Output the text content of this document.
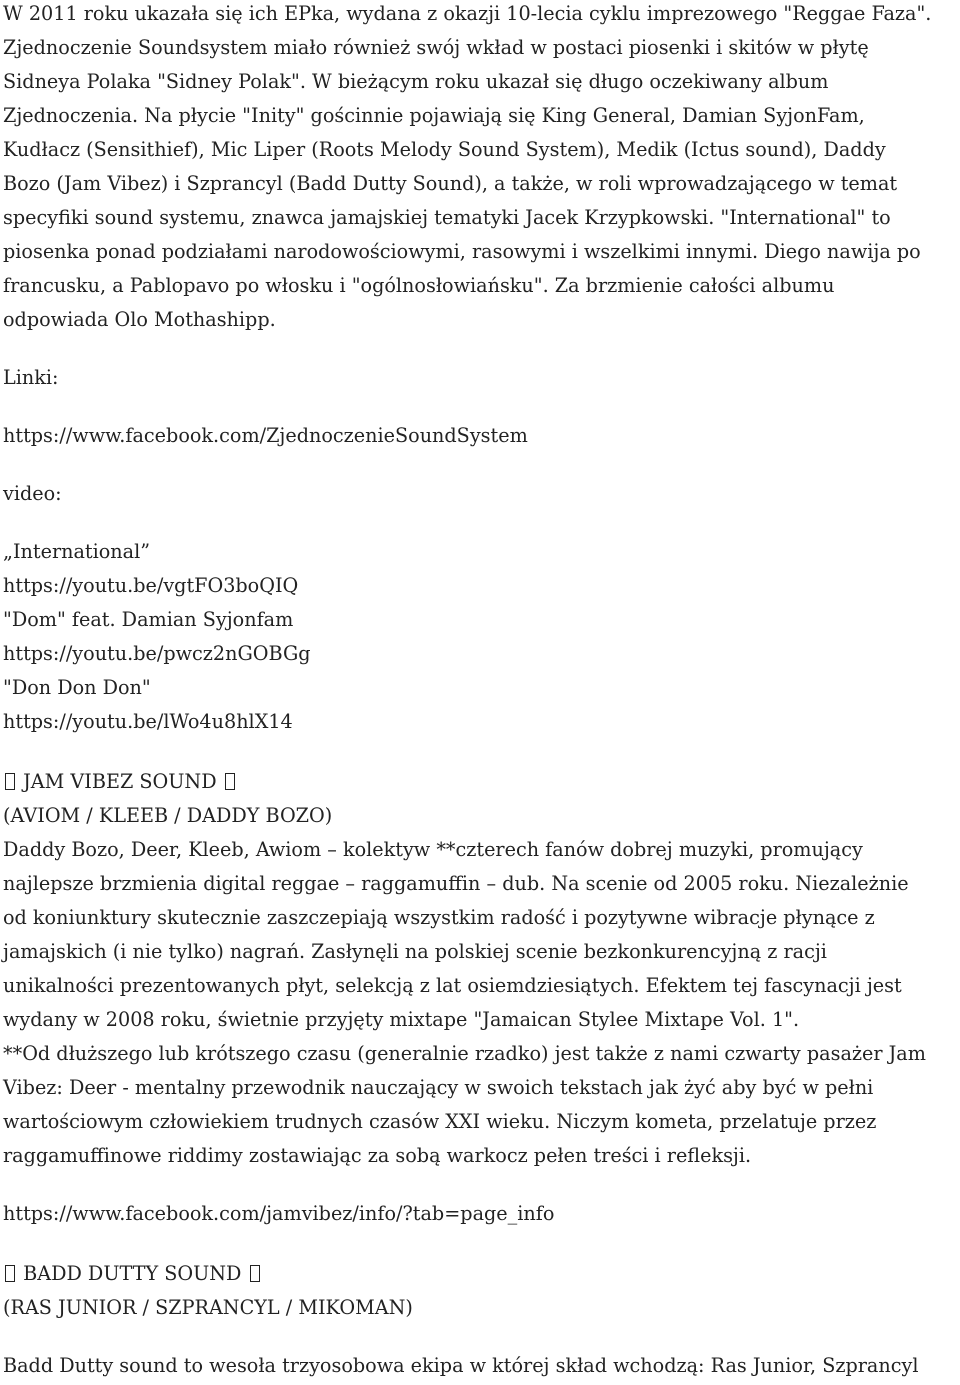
W 2011 roku ukazała się ich EPka, wydana z okazji 10-lecia cyklu imprezowego "Reggae Faza".
Zjednoczenie Soundsystem miało również swój wkład w postaci piosenki i skitów w płytę
Sidneya Polaka "Sidney Polak". W bieżącym roku ukazał się długo oczekiwany album
Zjednoczenia. Na płycie "Inity" gościnnie pojawiają się King General, Damian SyjonFam,
Kudłacz (Sensithief), Mic Liper (Roots Melody Sound System), Medik (Ictus sound), Daddy
Bozo (Jam Vibez) i Szprancyl (Badd Dutty Sound), a także, w roli wprowadzającego w temat
specyfiki sound systemu, znawca jamajskiej tematyki Jacek Krzypkowski. "International" to
piosenka ponad podziałami narodowościowymi, rasowymi i wszelkimi innymi. Diego nawija po
francusku, a Pablopavo po włosku i "ogólnosłowiańsku". Za brzmienie całości albumu
odpowiada Olo Mothashipp.
Linki:
https://www.facebook.com/ZjednoczenieSoundSystem
video:
„International”
https://youtu.be/vgtFO3boQIQ
"Dom" feat. Damian Syjonfam
https://youtu.be/pwcz2nGOBGg
"Don Don Don"
https://youtu.be/lWo4u8hlX14
JAM VIBEZ SOUND
(AVIOM / KLEEB / DADDY BOZO)
Daddy Bozo, Deer, Kleeb, Awiom – kolektyw **czterech fanów dobrej muzyki, promujący
najlepsze brzmienia digital reggae – raggamuffin – dub. Na scenie od 2005 roku. Niezależnie
od koniunktury skutecznie zaszczepiają wszystkim radość i pozytywne wibracje płynące z
jamajskich (i nie tylko) nagrań. Zasłynęli na polskiej scenie bezkonkurencyjną z racji
unikalności prezentowanych płyt, selekcją z lat osiemdziesiątych. Efektem tej fascynacji jest
wydany w 2008 roku, świetnie przyjęty mixtape "Jamaican Stylee Mixtape Vol. 1".
**Od dłuższego lub krótszego czasu (generalnie rzadko) jest także z nami czwarty pasażer Jam
Vibez: Deer - mentalny przewodnik nauczający w swoich tekstach jak żyć aby być w pełni
wartościowym człowiekiem trudnych czasów XXI wieku. Niczym kometa, przelatuje przez
raggamuffinowe riddimy zostawiając za sobą warkocz pełen treści i refleksji.
https://www.facebook.com/jamvibez/info/?tab=page_info
BADD DUTTY SOUND
(RAS JUNIOR / SZPRANCYL / MIKOMAN)
Badd Dutty sound to wesoła trzyosobowa ekipa w której skład wchodzą: Ras Junior, Szprancyl
